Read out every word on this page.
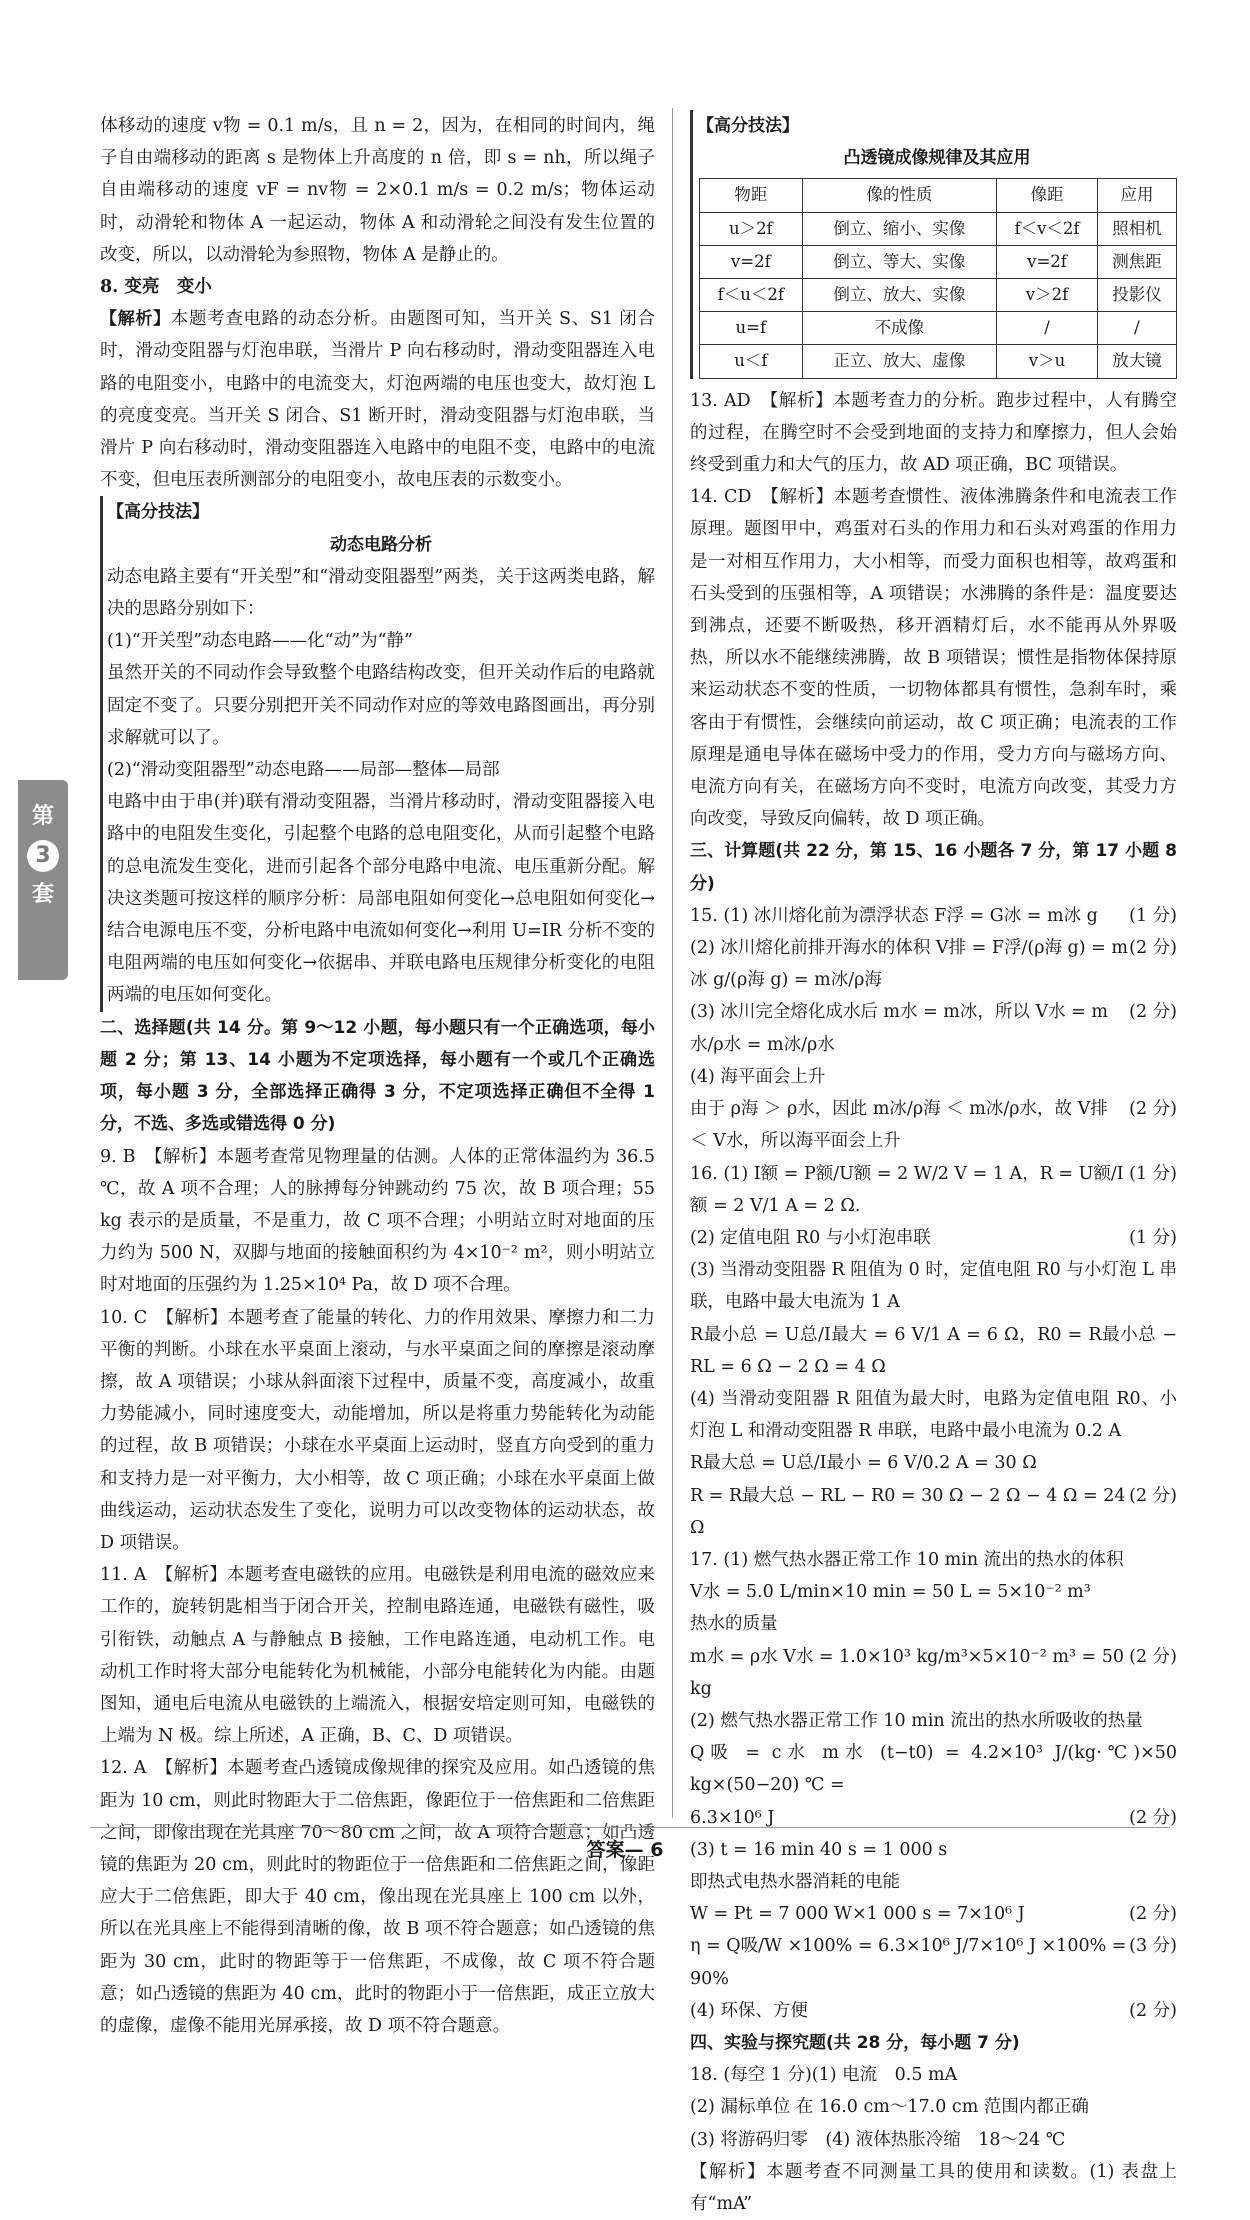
第
3
套

体移动的速度 v物 = 0.1 m/s，且 n = 2，因为，在相同的时间内，绳子自由端移动的距离 s 是物体上升高度的 n 倍，即 s = nh，所以绳子自由端移动的速度 vF = nv物 = 2×0.1 m/s = 0.2 m/s；物体运动时，动滑轮和物体 A 一起运动，物体 A 和动滑轮之间没有发生位置的改变，所以，以动滑轮为参照物，物体 A 是静止的。

8. 变亮　变小

【解析】本题考查电路的动态分析。由题图可知，当开关 S、S1 闭合时，滑动变阻器与灯泡串联，当滑片 P 向右移动时，滑动变阻器连入电路的电阻变小，电路中的电流变大，灯泡两端的电压也变大，故灯泡 L 的亮度变亮。当开关 S 闭合、S1 断开时，滑动变阻器与灯泡串联，当滑片 P 向右移动时，滑动变阻器连入电路中的电阻不变，电路中的电流不变，但电压表所测部分的电阻变小，故电压表的示数变小。

【高分技法】

动态电路分析

动态电路主要有“开关型”和“滑动变阻器型”两类，关于这两类电路，解决的思路分别如下：

(1)“开关型”动态电路——化“动”为“静”

虽然开关的不同动作会导致整个电路结构改变，但开关动作后的电路就固定不变了。只要分别把开关不同动作对应的等效电路图画出，再分别求解就可以了。

(2)“滑动变阻器型”动态电路——局部—整体—局部

电路中由于串(并)联有滑动变阻器，当滑片移动时，滑动变阻器接入电路中的电阻发生变化，引起整个电路的总电阻变化，从而引起整个电路的总电流发生变化，进而引起各个部分电路中电流、电压重新分配。解决这类题可按这样的顺序分析：局部电阻如何变化→总电阻如何变化→结合电源电压不变，分析电路中电流如何变化→利用 U=IR 分析不变的电阻两端的电压如何变化→依据串、并联电路电压规律分析变化的电阻两端的电压如何变化。

二、选择题(共 14 分。第 9～12 小题，每小题只有一个正确选项，每小题 2 分；第 13、14 小题为不定项选择，每小题有一个或几个正确选项，每小题 3 分，全部选择正确得 3 分，不定项选择正确但不全得 1 分，不选、多选或错选得 0 分)

9. B　【解析】本题考查常见物理量的估测。人体的正常体温约为 36.5 ℃，故 A 项不合理；人的脉搏每分钟跳动约 75 次，故 B 项合理；55 kg 表示的是质量，不是重力，故 C 项不合理；小明站立时对地面的压力约为 500 N，双脚与地面的接触面积约为 4×10⁻² m²，则小明站立时对地面的压强约为 1.25×10⁴ Pa，故 D 项不合理。

10. C　【解析】本题考查了能量的转化、力的作用效果、摩擦力和二力平衡的判断。小球在水平桌面上滚动，与水平桌面之间的摩擦是滚动摩擦，故 A 项错误；小球从斜面滚下过程中，质量不变，高度减小，故重力势能减小，同时速度变大，动能增加，所以是将重力势能转化为动能的过程，故 B 项错误；小球在水平桌面上运动时，竖直方向受到的重力和支持力是一对平衡力，大小相等，故 C 项正确；小球在水平桌面上做曲线运动，运动状态发生了变化，说明力可以改变物体的运动状态，故 D 项错误。

11. A　【解析】本题考查电磁铁的应用。电磁铁是利用电流的磁效应来工作的，旋转钥匙相当于闭合开关，控制电路连通，电磁铁有磁性，吸引衔铁，动触点 A 与静触点 B 接触，工作电路连通，电动机工作。电动机工作时将大部分电能转化为机械能，小部分电能转化为内能。由题图知，通电后电流从电磁铁的上端流入，根据安培定则可知，电磁铁的上端为 N 极。综上所述，A 正确，B、C、D 项错误。

12. A　【解析】本题考查凸透镜成像规律的探究及应用。如凸透镜的焦距为 10 cm，则此时物距大于二倍焦距，像距位于一倍焦距和二倍焦距之间，即像出现在光具座 70～80 cm 之间，故 A 项符合题意；如凸透镜的焦距为 20 cm，则此时的物距位于一倍焦距和二倍焦距之间，像距应大于二倍焦距，即大于 40 cm，像出现在光具座上 100 cm 以外，所以在光具座上不能得到清晰的像，故 B 项不符合题意；如凸透镜的焦距为 30 cm，此时的物距等于一倍焦距，不成像，故 C 项不符合题意；如凸透镜的焦距为 40 cm，此时的物距小于一倍焦距，成正立放大的虚像，虚像不能用光屏承接，故 D 项不符合题意。

【高分技法】

凸透镜成像规律及其应用

物距	像的性质	像距	应用
u＞2f	倒立、缩小、实像	f＜v＜2f	照相机
v=2f	倒立、等大、实像	v=2f	测焦距
f＜u＜2f	倒立、放大、实像	v＞2f	投影仪
u=f	不成像	/	/
u＜f	正立、放大、虚像	v＞u	放大镜

13. AD　【解析】本题考查力的分析。跑步过程中，人有腾空的过程，在腾空时不会受到地面的支持力和摩擦力，但人会始终受到重力和大气的压力，故 AD 项正确，BC 项错误。

14. CD　【解析】本题考查惯性、液体沸腾条件和电流表工作原理。题图甲中，鸡蛋对石头的作用力和石头对鸡蛋的作用力是一对相互作用力，大小相等，而受力面积也相等，故鸡蛋和石头受到的压强相等，A 项错误；水沸腾的条件是：温度要达到沸点，还要不断吸热，移开酒精灯后，水不能再从外界吸热，所以水不能继续沸腾，故 B 项错误；惯性是指物体保持原来运动状态不变的性质，一切物体都具有惯性，急刹车时，乘客由于有惯性，会继续向前运动，故 C 项正确；电流表的工作原理是通电导体在磁场中受力的作用，受力方向与磁场方向、电流方向有关，在磁场方向不变时，电流方向改变，其受力方向改变，导致反向偏转，故 D 项正确。

三、计算题(共 22 分，第 15、16 小题各 7 分，第 17 小题 8 分)

15. (1) 冰川熔化前为漂浮状态 F浮 = G冰 = m冰 g (1 分)
(2) 冰川熔化前排开海水的体积 V排 = F浮/(ρ海 g) = m冰 g/(ρ海 g) = m冰/ρ海
(2 分)
(3) 冰川完全熔化成水后 m水 = m冰，所以 V水 = m水/ρ水 = m冰/ρ水
(2 分)
(4) 海平面会上升
由于 ρ海 ＞ ρ水，因此 m冰/ρ海 ＜ m冰/ρ水，故 V排 ＜ V水，所以海平面会上升
(2 分)
16. (1) I额 = P额/U额 = 2 W/2 V = 1 A，R = U额/I额 = 2 V/1 A = 2 Ω.
(1 分)
(2) 定值电阻 R0 与小灯泡串联	(1 分)

(3) 当滑动变阻器 R 阻值为 0 时，定值电阻 R0 与小灯泡 L 串联，电路中最大电流为 1 A

R最小总 = U总/I最大 = 6 V/1 A = 6 Ω，R0 = R最小总 − RL = 6 Ω − 2 Ω = 4 Ω

(4) 当滑动变阻器 R 阻值为最大时，电路为定值电阻 R0、小灯泡 L 和滑动变阻器 R 串联，电路中最小电流为 0.2 A

R最大总 = U总/I最小 = 6 V/0.2 A = 30 Ω

R = R最大总 − RL − R0 = 30 Ω − 2 Ω − 4 Ω = 24 Ω
(2 分)

17. (1) 燃气热水器正常工作 10 min 流出的热水的体积

V水 = 5.0 L/min×10 min = 50 L = 5×10⁻² m³

热水的质量

m水 = ρ水 V水 = 1.0×10³ kg/m³×5×10⁻² m³ = 50 kg
(2 分)

(2) 燃气热水器正常工作 10 min 流出的热水所吸收的热量

Q吸 = c水 m水 (t−t0) = 4.2×10³ J/(kg·℃)×50 kg×(50−20) ℃ =

6.3×10⁶ J	(2 分)

(3) t = 16 min 40 s = 1 000 s

即热式电热水器消耗的电能

W = Pt = 7 000 W×1 000 s = 7×10⁶ J	(2 分)
η = Q吸/W ×100% = 6.3×10⁶ J/7×10⁶ J ×100% = 90%
(3 分)
(4) 环保、方便	(2 分)

四、实验与探究题(共 28 分，每小题 7 分)

18. (每空 1 分)(1) 电流　0.5 mA

(2) 漏标单位 在 16.0 cm～17.0 cm 范围内都正确

(3) 将游码归零　(4) 液体热胀冷缩　18～24 ℃

【解析】本题考查不同测量工具的使用和读数。(1) 表盘上有“mA”

答案— 6
